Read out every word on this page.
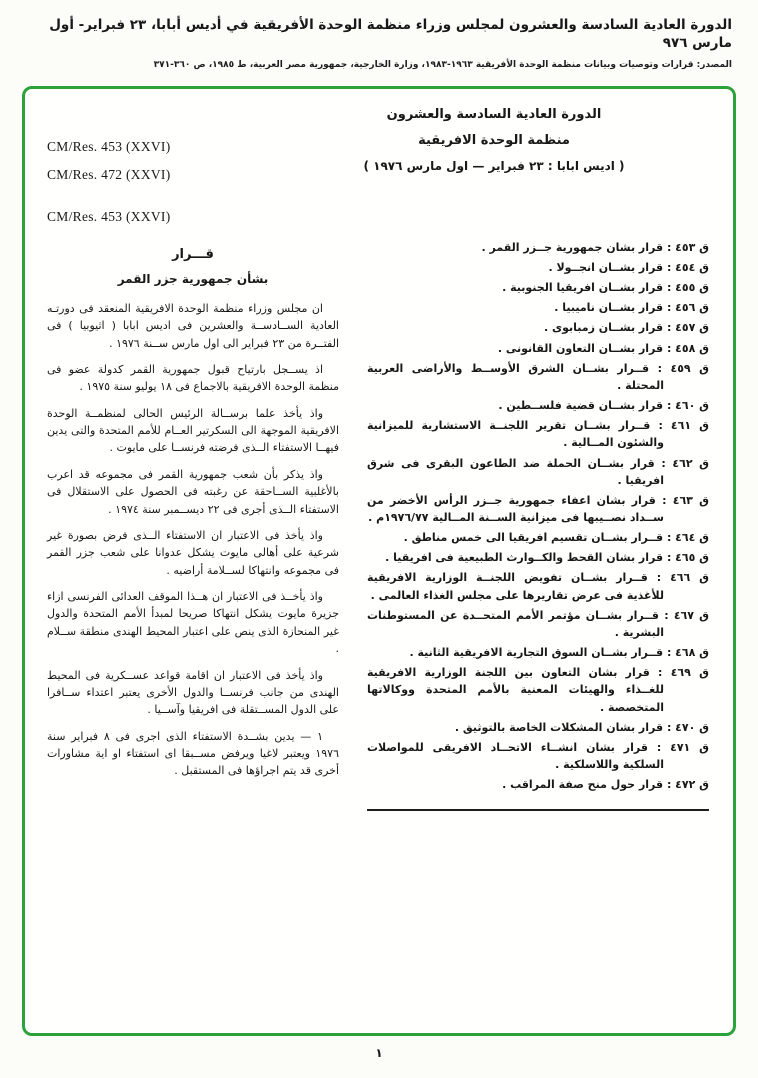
الدورة العادية السادسة والعشرون لمجلس وزراء منظمة الوحدة الأفريقية في أديس أبابا، ٢٣ فبراير- أول مارس ٩٧٦
المصدر: قرارات وتوصيات وبيانات منظمة الوحدة الأفريقية ١٩٦٣-١٩٨٣، وزارة الخارجية، جمهورية مصر العربية، ط ١٩٨٥، ص ٣٦٠-٣٧١
CM/Res. 453 (XXVI)
CM/Res. 472 (XXVI)
الدورة العادية السادسة والعشرون
منظمة الوحدة الافريقية
( اديس ابابا : ٢٣ فبراير — اول مارس ١٩٧٦ )
CM/Res. 453 (XXVI)
ق ٤٥٣ : قرار بشان جمهورية جــزر القمر .
ق ٤٥٤ : قرار بشــان انجــولا .
ق ٤٥٥ : قرار بشــان افريقيا الجنوبية .
ق ٤٥٦ : قرار بشــان ناميبيا .
ق ٤٥٧ : قرار بشــان زمبابوى .
ق ٤٥٨ : قرار بشــان التعاون القانونى .
ق ٤٥٩ : قــرار بشــان الشرق الأوســط والأراضى العربية المحتلة .
ق ٤٦٠ : قرار بشــان قضية فلســطين .
ق ٤٦١ : قــرار بشــان تقرير اللجنــة الاستشارية للميزانية والشئون المــالية .
ق ٤٦٢ : قرار بشــان الحملة ضد الطاعون البقرى فى شرق افريقيا .
ق ٤٦٣ : قرار بشان اعفاء جمهورية جــزر الرأس الأخضر من ســداد نصــيبها فى ميزانية الســنة المــالية ١٩٧٦/٧٧م .
ق ٤٦٤ : قــرار بشــان تقسيم افريقيا الى خمس مناطق .
ق ٤٦٥ : قرار بشان القحط والكــوارث الطبيعية فى افريقيا .
ق ٤٦٦ : قــرار بشــان تفويض اللجنــة الوزارية الافريقية للأغذية فى عرض تقاريرها على مجلس الغذاء العالمى .
ق ٤٦٧ : قــرار بشــان مؤتمر الأمم المتحــدة عن المستوطنات البشرية .
ق ٤٦٨ : قــرار بشــان السوق التجارية الافريقية الثانية .
ق ٤٦٩ : قرار بشان التعاون بين اللجنة الوزارية الافريقية للغــذاء والهيئات المعنية بالأمم المتحدة ووكالاتها المتخصصة .
ق ٤٧٠ : قرار بشان المشكلات الخاصة بالتوثيق .
ق ٤٧١ : قرار بشان انشــاء الاتحــاد الافريقى للمواصلات السلكية واللاسلكية .
ق ٤٧٢ : قرار حول منح صفة المراقب .
قـــرار
بشأن جمهورية جزر القمر

ان مجلس وزراء منظمة الوحدة الافريقية المنعقد فى دورتـه العادية الســادســة والعشرين فى اديس ابابا ( اثيوبيا ) فى الفتــرة من ٢٣ فبراير الى اول مارس ســنة ١٩٧٦ .

اذ يســجل بارتياح قبول جمهورية القمر كدولة عضو فى منظمة الوحدة الافريقية بالاجماع فى ١٨ يوليو سنة ١٩٧٥ .

واذ يأخذ علما برســالة الرئيس الحالى لمنظمــة الوحدة الافريقية الموجهة الى السكرتير العــام للأمم المتحدة والتى يدين فيهــا الاستفتاء الــذى فرضته فرنســا على مايوت .

واذ يذكر بأن شعب جمهورية القمر فى مجموعه قد اعرب بالأغلبية الســاحقة عن رغبته فى الحصول على الاستقلال فى الاستفتاء الــذى أجرى فى ٢٢ ديســمبر سنة ١٩٧٤ .

واذ يأخذ فى الاعتبار ان الاستفتاء الــذى فرض بصورة غير شرعية على أهالى مايوت يشكل عدوانا على شعب جزر القمر فى مجموعه وانتهاكا لســلامة أراضيه .

واذ يأخــذ فى الاعتبار ان هــذا الموقف العدائى الفرنسى ازاء جزيرة مايوت يشكل انتهاكا صريحا لمبدأ الأمم المتحدة والدول غير المنحازة الذى ينص على اعتبار المحيط الهندى منطقة ســلام .

واذ يأخذ فى الاعتبار ان اقامة قواعد عســكرية فى المحيط الهندى من جانب فرنســا والدول الأخرى يعتبر اعتداء ســافرا على الدول المســتقلة فى افريقيا وآســيا .

١ — يدين بشــدة الاستفتاء الذى اجرى فى ٨ فبراير سنة ١٩٧٦ ويعتبر لاغيا ويرفض مســبقا اى استفتاء او اية مشاورات أخرى قد يتم اجراؤها فى المستقبل .

١
